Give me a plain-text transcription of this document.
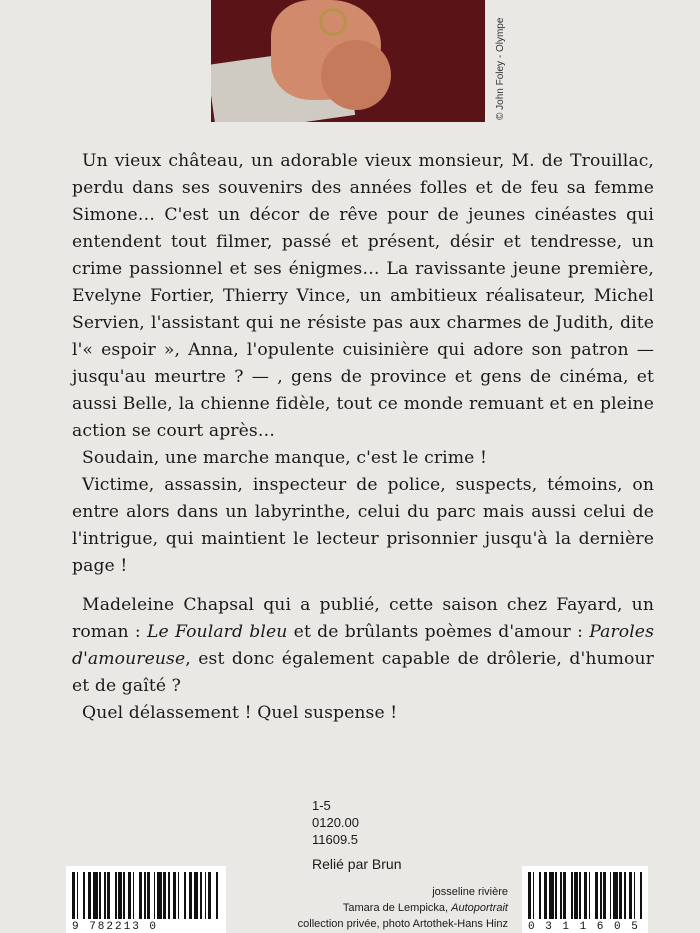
© John Foley - Olympe

Un vieux château, un adorable vieux monsieur, M. de Trouillac, perdu dans ses souvenirs des années folles et de feu sa femme Simone… C'est un décor de rêve pour de jeunes cinéastes qui entendent tout filmer, passé et présent, désir et tendresse, un crime passionnel et ses énigmes… La ravissante jeune première, Evelyne Fortier, Thierry Vince, un ambitieux réalisateur, Michel Servien, l'assistant qui ne résiste pas aux charmes de Judith, dite l'« espoir », Anna, l'opulente cuisinière qui adore son patron — jusqu'au meurtre ? — , gens de province et gens de cinéma, et aussi Belle, la chienne fidèle, tout ce monde remuant et en pleine action se court après…

Soudain, une marche manque, c'est le crime !

Victime, assassin, inspecteur de police, suspects, témoins, on entre alors dans un labyrinthe, celui du parc mais aussi celui de l'intrigue, qui maintient le lecteur prisonnier jusqu'à la dernière page !

Madeleine Chapsal qui a publié, cette saison chez Fayard, un roman : Le Foulard bleu et de brûlants poèmes d'amour : Paroles d'amoureuse, est donc également capable de drôlerie, d'humour et de gaîté ?

Quel délassement ! Quel suspense !

1-5
0120.00
11609.5
Relié par Brun
josseline rivière
Tamara de Lempicka, Autoportrait
collection privée, photo Artothek-Hans Hinz
9 782213 0	0 3 1 1 6 0 5
